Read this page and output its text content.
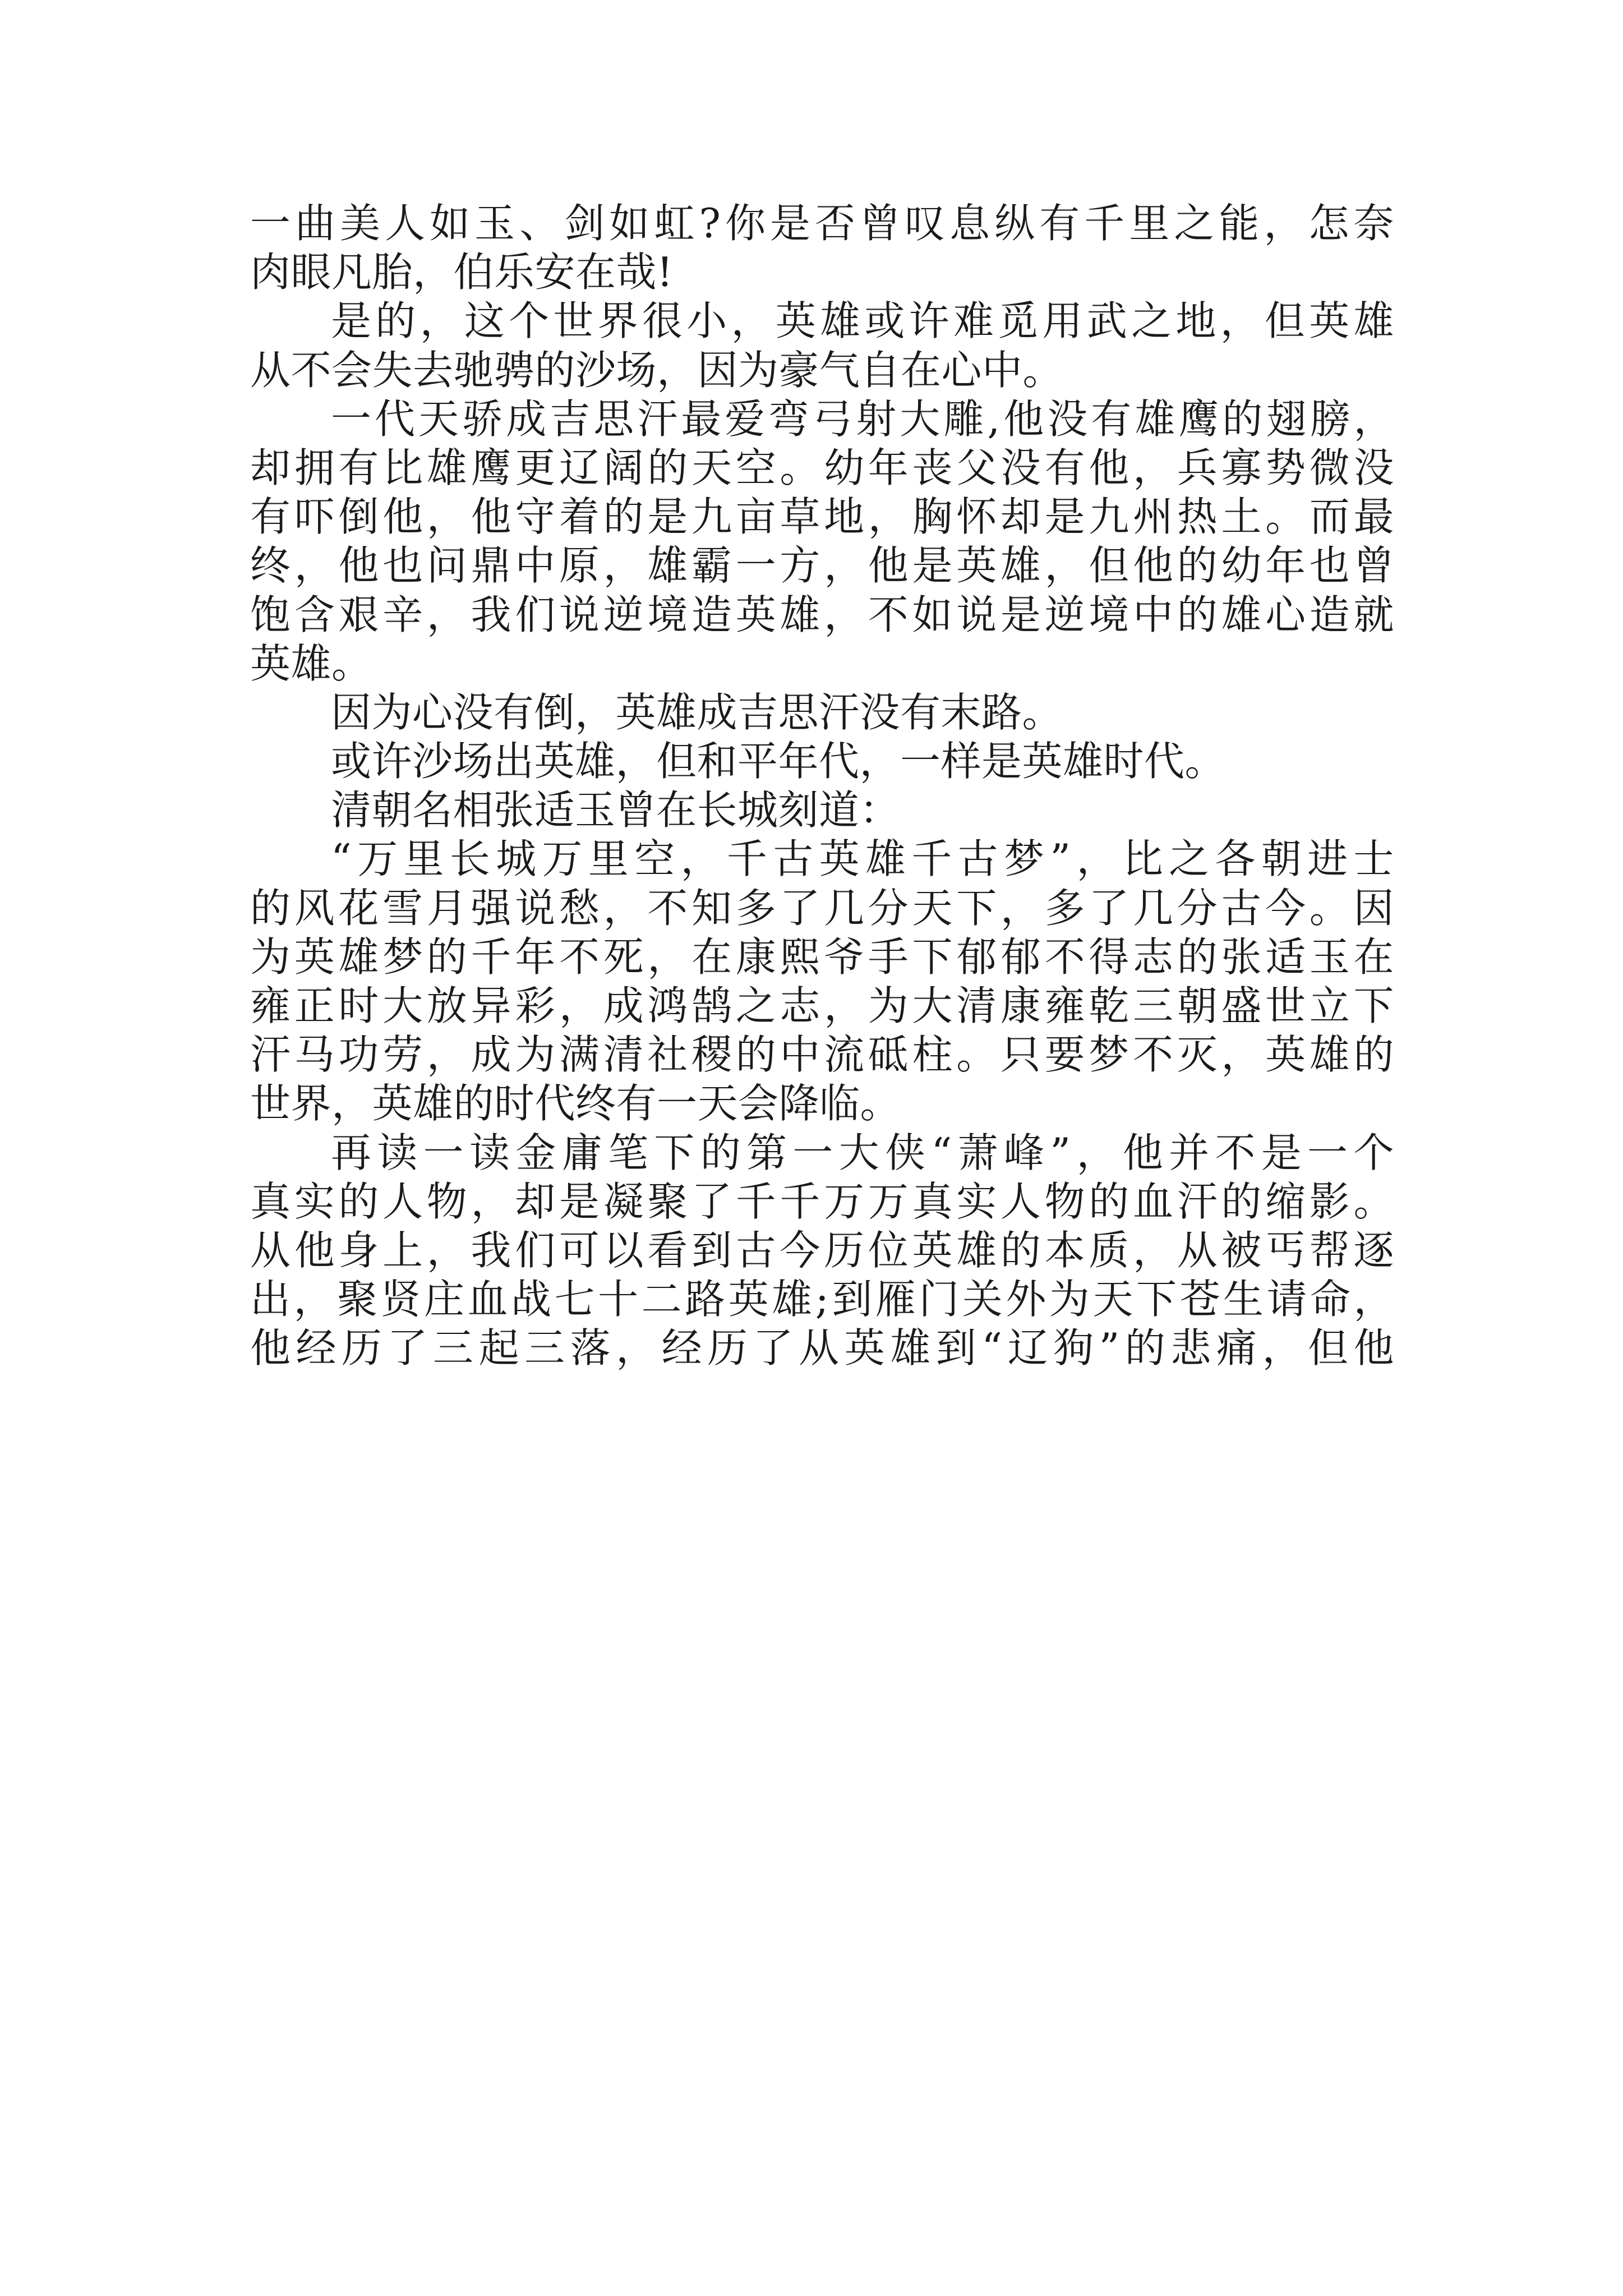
一曲美人如玉、剑如虹?你是否曾叹息纵有千里之能，怎奈
肉眼凡胎，伯乐安在哉!
是的，这个世界很小，英雄或许难觅用武之地，但英雄
从不会失去驰骋的沙场，因为豪气自在心中。
一代天骄成吉思汗最爱弯弓射大雕,他没有雄鹰的翅膀，
却拥有比雄鹰更辽阔的天空。幼年丧父没有他，兵寡势微没
有吓倒他，他守着的是九亩草地，胸怀却是九州热土。而最
终，他也问鼎中原，雄霸一方，他是英雄，但他的幼年也曾
饱含艰辛，我们说逆境造英雄，不如说是逆境中的雄心造就
英雄。
因为心没有倒，英雄成吉思汗没有末路。
或许沙场出英雄，但和平年代，一样是英雄时代。
清朝名相张适玉曾在长城刻道：
“万里长城万里空，千古英雄千古梦”，比之各朝进士
的风花雪月强说愁，不知多了几分天下，多了几分古今。因
为英雄梦的千年不死，在康熙爷手下郁郁不得志的张适玉在
雍正时大放异彩，成鸿鹄之志，为大清康雍乾三朝盛世立下
汗马功劳，成为满清社稷的中流砥柱。只要梦不灭，英雄的
世界，英雄的时代终有一天会降临。
再读一读金庸笔下的第一大侠“萧峰”，他并不是一个
真实的人物，却是凝聚了千千万万真实人物的血汗的缩影。
从他身上，我们可以看到古今历位英雄的本质，从被丐帮逐
出，聚贤庄血战七十二路英雄;到雁门关外为天下苍生请命，
他经历了三起三落，经历了从英雄到“辽狗”的悲痛，但他
